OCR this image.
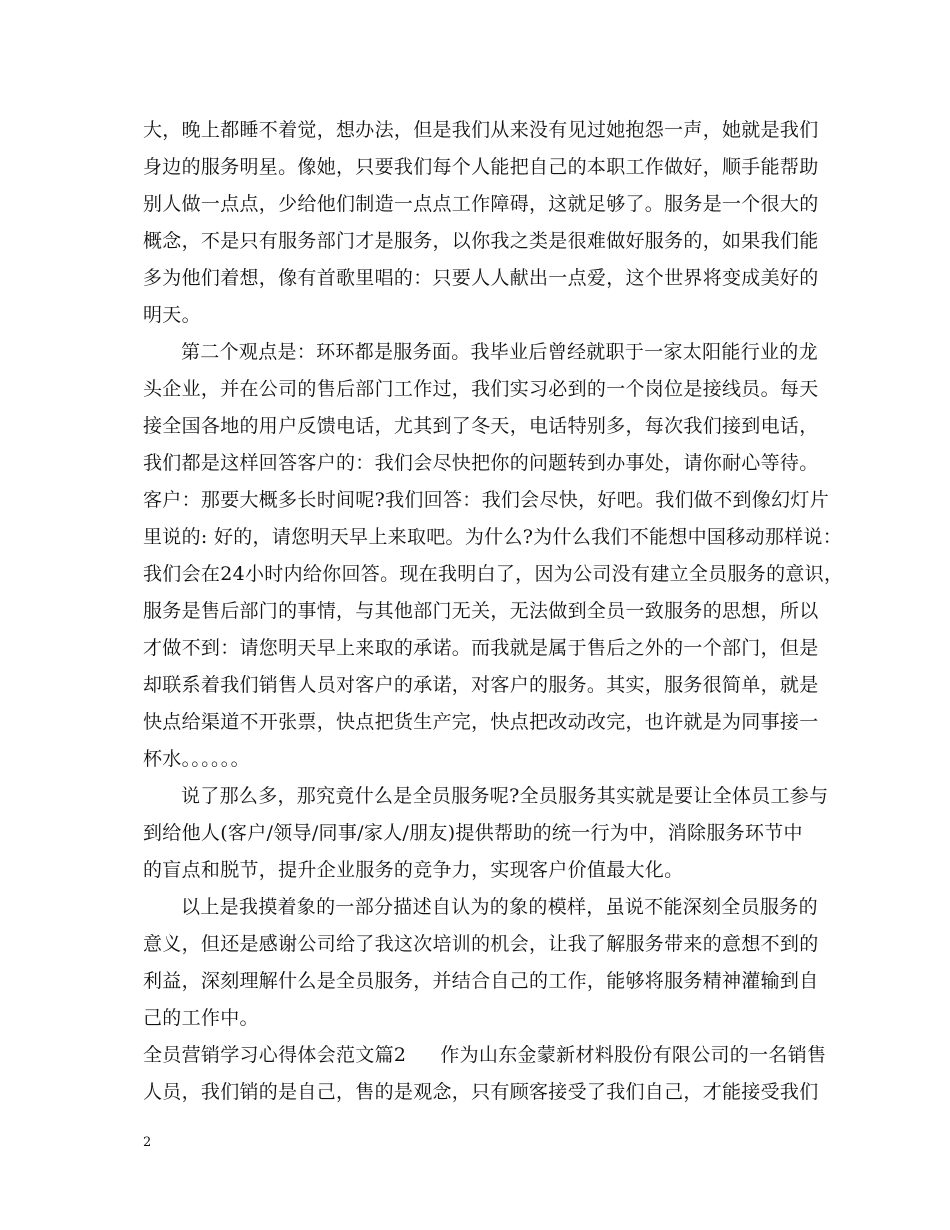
大，晚上都睡不着觉，想办法，但是我们从来没有见过她抱怨一声，她就是我们
身边的服务明星。像她，只要我们每个人能把自己的本职工作做好，顺手能帮助
别人做一点点，少给他们制造一点点工作障碍，这就足够了。服务是一个很大的
概念，不是只有服务部门才是服务，以你我之类是很难做好服务的，如果我们能
多为他们着想，像有首歌里唱的：只要人人献出一点爱，这个世界将变成美好的
明天。
第二个观点是：环环都是服务面。我毕业后曾经就职于一家太阳能行业的龙
头企业，并在公司的售后部门工作过，我们实习必到的一个岗位是接线员。每天
接全国各地的用户反馈电话，尤其到了冬天，电话特别多，每次我们接到电话，
我们都是这样回答客户的：我们会尽快把你的问题转到办事处，请你耐心等待。
客户：那要大概多长时间呢?我们回答：我们会尽快，好吧。我们做不到像幻灯片
里说的: 好的，请您明天早上来取吧。为什么?为什么我们不能想中国移动那样说：
我们会在24小时内给你回答。现在我明白了，因为公司没有建立全员服务的意识，
服务是售后部门的事情，与其他部门无关，无法做到全员一致服务的思想，所以
才做不到：请您明天早上来取的承诺。而我就是属于售后之外的一个部门，但是
却联系着我们销售人员对客户的承诺，对客户的服务。其实，服务很简单，就是
快点给渠道不开张票，快点把货生产完，快点把改动改完，也许就是为同事接一
杯水。。。。。。
说了那么多，那究竟什么是全员服务呢?全员服务其实就是要让全体员工参与
到给他人(客户/领导/同事/家人/朋友)提供帮助的统一行为中，消除服务环节中
的盲点和脱节，提升企业服务的竞争力，实现客户价值最大化。
以上是我摸着象的一部分描述自认为的象的模样，虽说不能深刻全员服务的
意义，但还是感谢公司给了我这次培训的机会，让我了解服务带来的意想不到的
利益，深刻理解什么是全员服务，并结合自己的工作，能够将服务精神灌输到自
己的工作中。
全员营销学习心得体会范文篇2 作为山东金蒙新材料股份有限公司的一名销售
人员，我们销的是自己，售的是观念，只有顾客接受了我们自己，才能接受我们
2
